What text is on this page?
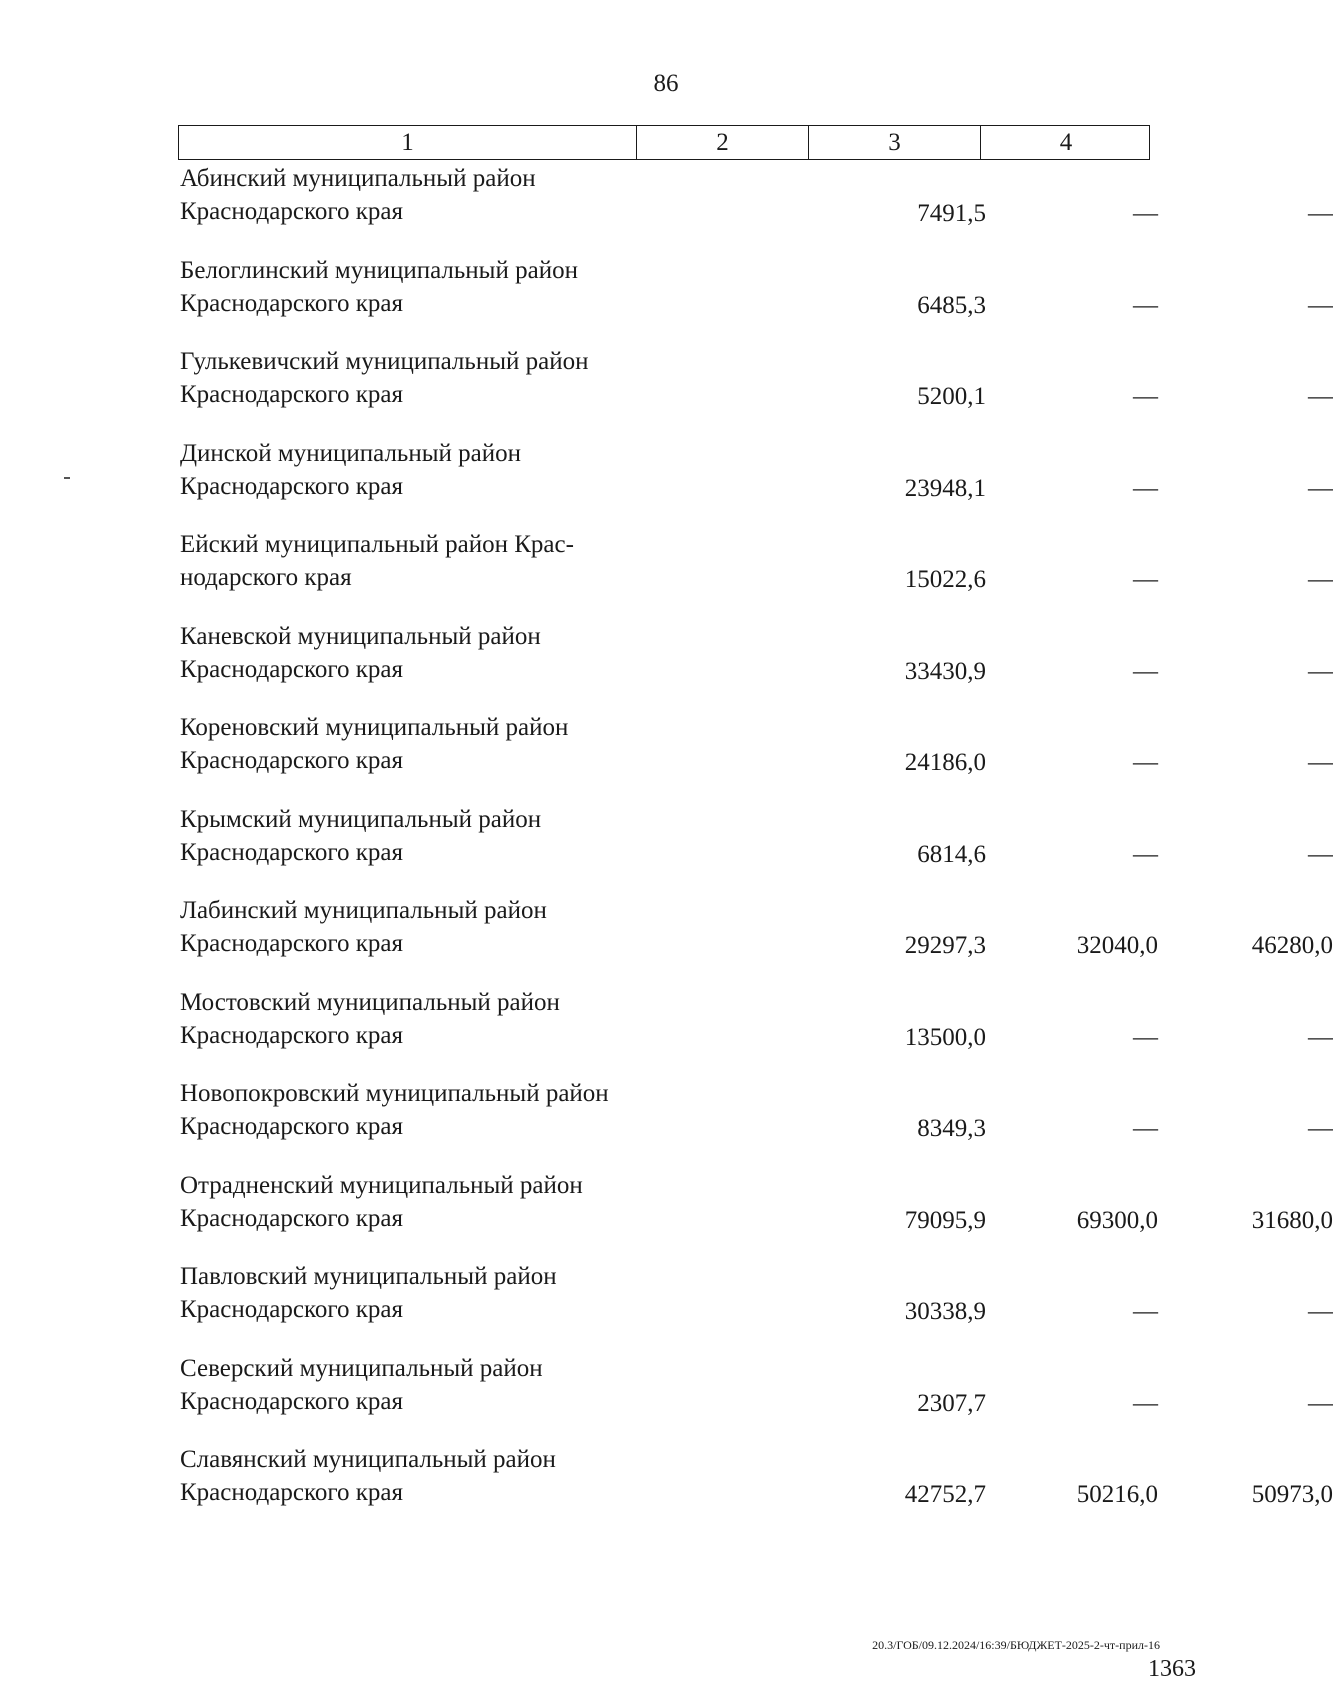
86
1	2	3	4
Абинский муниципальный район Краснодарского края	7491,5	—	—
Белоглинский муниципальный район Краснодарского края	6485,3	—	—
Гулькевичский муниципальный район Краснодарского края	5200,1	—	—
Динской муниципальный район Краснодарского края	23948,1	—	—
Ейский муниципальный район Крас-нодарского края	15022,6	—	—
Каневской муниципальный район Краснодарского края	33430,9	—	—
Кореновский муниципальный район Краснодарского края	24186,0	—	—
Крымский муниципальный район Краснодарского края	6814,6	—	—
Лабинский муниципальный район Краснодарского края	29297,3	32040,0	46280,0
Мостовский муниципальный район Краснодарского края	13500,0	—	—
Новопокровский муниципальный район Краснодарского края	8349,3	—	—
Отрадненский муниципальный район Краснодарского края	79095,9	69300,0	31680,0
Павловский муниципальный район Краснодарского края	30338,9	—	—
Северский муниципальный район Краснодарского края	2307,7	—	—
Славянский муниципальный район Краснодарского края	42752,7	50216,0	50973,0
20.3/ГОБ/09.12.2024/16:39/БЮДЖЕТ-2025-2-чт-прил-16
1363
